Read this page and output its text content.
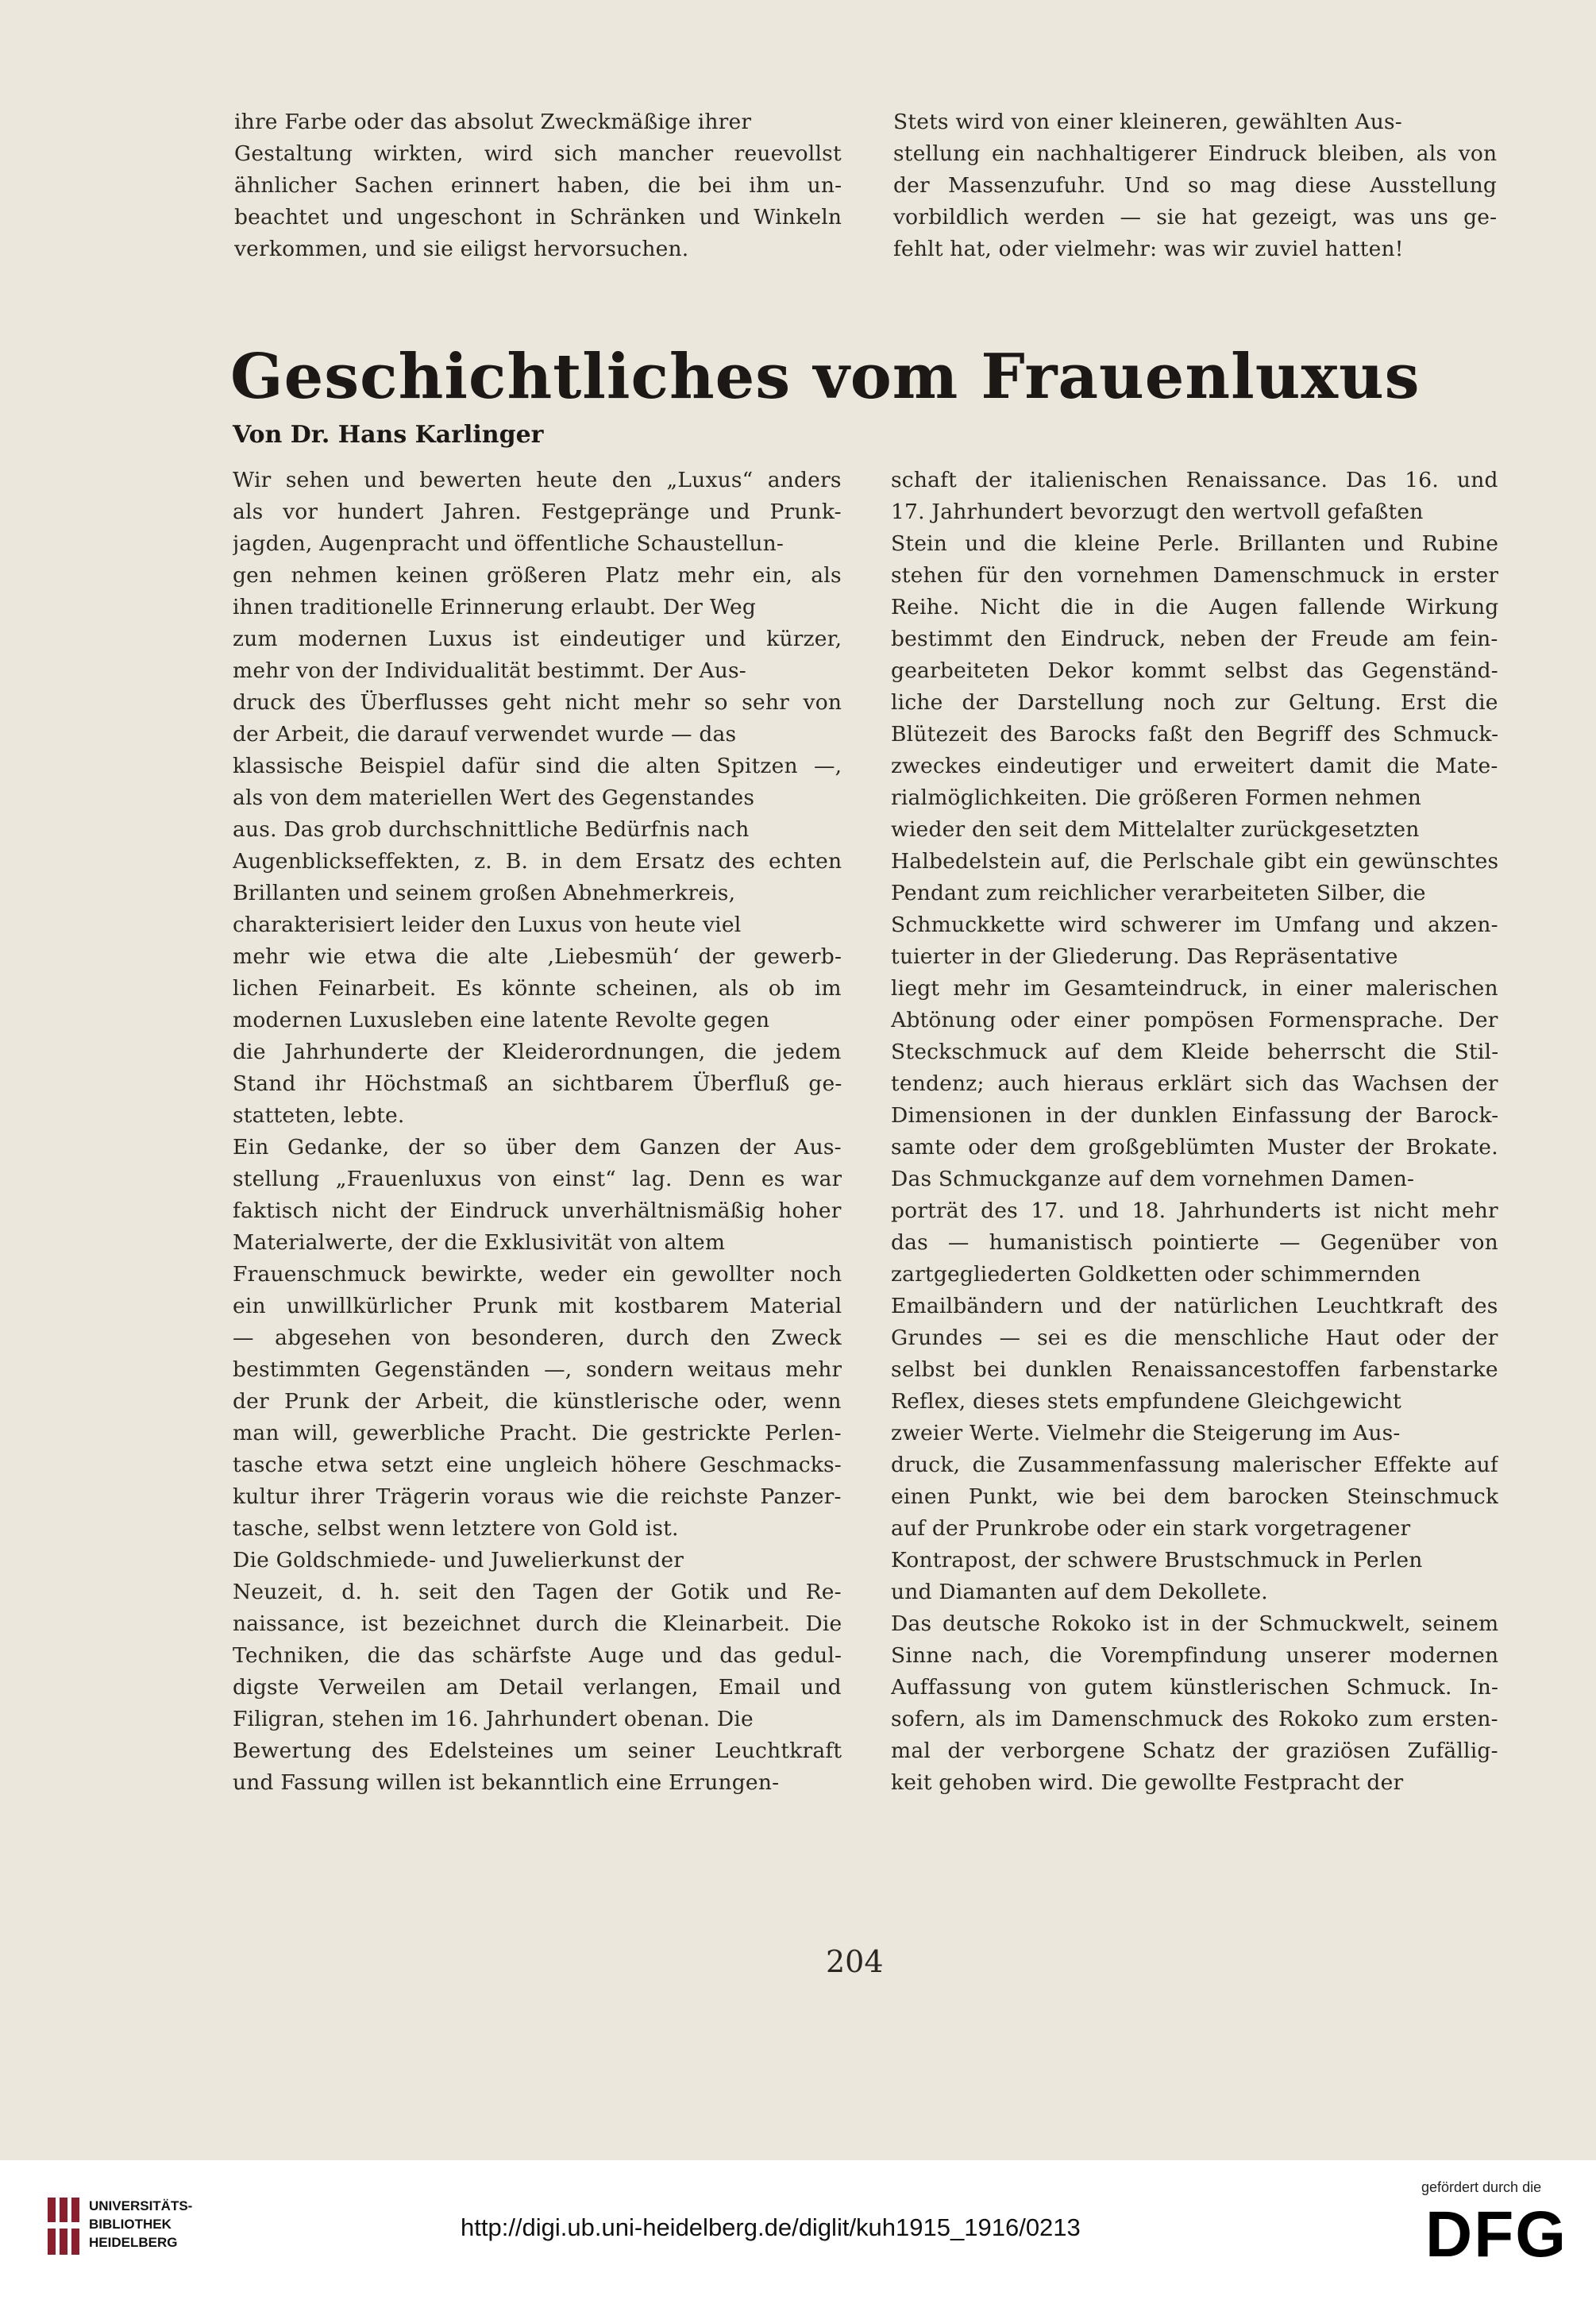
ihre Farbe oder das absolut Zweckmäßige ihrer
Gestaltung wirkten, wird sich mancher reuevollst
ähnlicher Sachen erinnert haben, die bei ihm un-
beachtet und ungeschont in Schränken und Winkeln
verkommen, und sie eiligst hervorsuchen.
Stets wird von einer kleineren, gewählten Aus-
stellung ein nachhaltigerer Eindruck bleiben, als von
der Massenzufuhr. Und so mag diese Ausstellung
vorbildlich werden — sie hat gezeigt, was uns ge-
fehlt hat, oder vielmehr: was wir zuviel hatten!
Geschichtliches vom Frauenluxus
Von Dr. Hans Karlinger
Wir sehen und bewerten heute den „Luxus“ anders
als vor hundert Jahren. Festgepränge und Prunk-
jagden, Augenpracht und öffentliche Schaustellun-
gen nehmen keinen größeren Platz mehr ein, als
ihnen traditionelle Erinnerung erlaubt. Der Weg
zum modernen Luxus ist eindeutiger und kürzer,
mehr von der Individualität bestimmt. Der Aus-
druck des Überflusses geht nicht mehr so sehr von
der Arbeit, die darauf verwendet wurde — das
klassische Beispiel dafür sind die alten Spitzen —,
als von dem materiellen Wert des Gegenstandes
aus. Das grob durchschnittliche Bedürfnis nach
Augenblickseffekten, z. B. in dem Ersatz des echten
Brillanten und seinem großen Abnehmerkreis,
charakterisiert leider den Luxus von heute viel
mehr wie etwa die alte ‚Liebesmüh‘ der gewerb-
lichen Feinarbeit. Es könnte scheinen, als ob im
modernen Luxusleben eine latente Revolte gegen
die Jahrhunderte der Kleiderordnungen, die jedem
Stand ihr Höchstmaß an sichtbarem Überfluß ge-
statteten, lebte.
Ein Gedanke, der so über dem Ganzen der Aus-
stellung „Frauenluxus von einst“ lag. Denn es war
faktisch nicht der Eindruck unverhältnismäßig hoher
Materialwerte, der die Exklusivität von altem
Frauenschmuck bewirkte, weder ein gewollter noch
ein unwillkürlicher Prunk mit kostbarem Material
— abgesehen von besonderen, durch den Zweck
bestimmten Gegenständen —, sondern weitaus mehr
der Prunk der Arbeit, die künstlerische oder, wenn
man will, gewerbliche Pracht. Die gestrickte Perlen-
tasche etwa setzt eine ungleich höhere Geschmacks-
kultur ihrer Trägerin voraus wie die reichste Panzer-
tasche, selbst wenn letztere von Gold ist.
Die Goldschmiede- und Juwelierkunst der
Neuzeit, d. h. seit den Tagen der Gotik und Re-
naissance, ist bezeichnet durch die Kleinarbeit. Die
Techniken, die das schärfste Auge und das gedul-
digste Verweilen am Detail verlangen, Email und
Filigran, stehen im 16. Jahrhundert obenan. Die
Bewertung des Edelsteines um seiner Leuchtkraft
und Fassung willen ist bekanntlich eine Errungen-
schaft der italienischen Renaissance. Das 16. und
17. Jahrhundert bevorzugt den wertvoll gefaßten
Stein und die kleine Perle. Brillanten und Rubine
stehen für den vornehmen Damenschmuck in erster
Reihe. Nicht die in die Augen fallende Wirkung
bestimmt den Eindruck, neben der Freude am fein-
gearbeiteten Dekor kommt selbst das Gegenständ-
liche der Darstellung noch zur Geltung. Erst die
Blütezeit des Barocks faßt den Begriff des Schmuck-
zweckes eindeutiger und erweitert damit die Mate-
rialmöglichkeiten. Die größeren Formen nehmen
wieder den seit dem Mittelalter zurückgesetzten
Halbedelstein auf, die Perlschale gibt ein gewünschtes
Pendant zum reichlicher verarbeiteten Silber, die
Schmuckkette wird schwerer im Umfang und akzen-
tuierter in der Gliederung. Das Repräsentative
liegt mehr im Gesamteindruck, in einer malerischen
Abtönung oder einer pompösen Formensprache. Der
Steckschmuck auf dem Kleide beherrscht die Stil-
tendenz; auch hieraus erklärt sich das Wachsen der
Dimensionen in der dunklen Einfassung der Barock-
samte oder dem großgeblümten Muster der Brokate.
Das Schmuckganze auf dem vornehmen Damen-
porträt des 17. und 18. Jahrhunderts ist nicht mehr
das — humanistisch pointierte — Gegenüber von
zartgegliederten Goldketten oder schimmernden
Emailbändern und der natürlichen Leuchtkraft des
Grundes — sei es die menschliche Haut oder der
selbst bei dunklen Renaissancestoffen farbenstarke
Reflex, dieses stets empfundene Gleichgewicht
zweier Werte. Vielmehr die Steigerung im Aus-
druck, die Zusammenfassung malerischer Effekte auf
einen Punkt, wie bei dem barocken Steinschmuck
auf der Prunkrobe oder ein stark vorgetragener
Kontrapost, der schwere Brustschmuck in Perlen
und Diamanten auf dem Dekollete.
Das deutsche Rokoko ist in der Schmuckwelt, seinem
Sinne nach, die Vorempfindung unserer modernen
Auffassung von gutem künstlerischen Schmuck. In-
sofern, als im Damenschmuck des Rokoko zum ersten-
mal der verborgene Schatz der graziösen Zufällig-
keit gehoben wird. Die gewollte Festpracht der
204
UNIVERSITÄTS-
BIBLIOTHEK
HEIDELBERG
http://digi.ub.uni-heidelberg.de/diglit/kuh1915_1916/0213
gefördert durch die
DFG
